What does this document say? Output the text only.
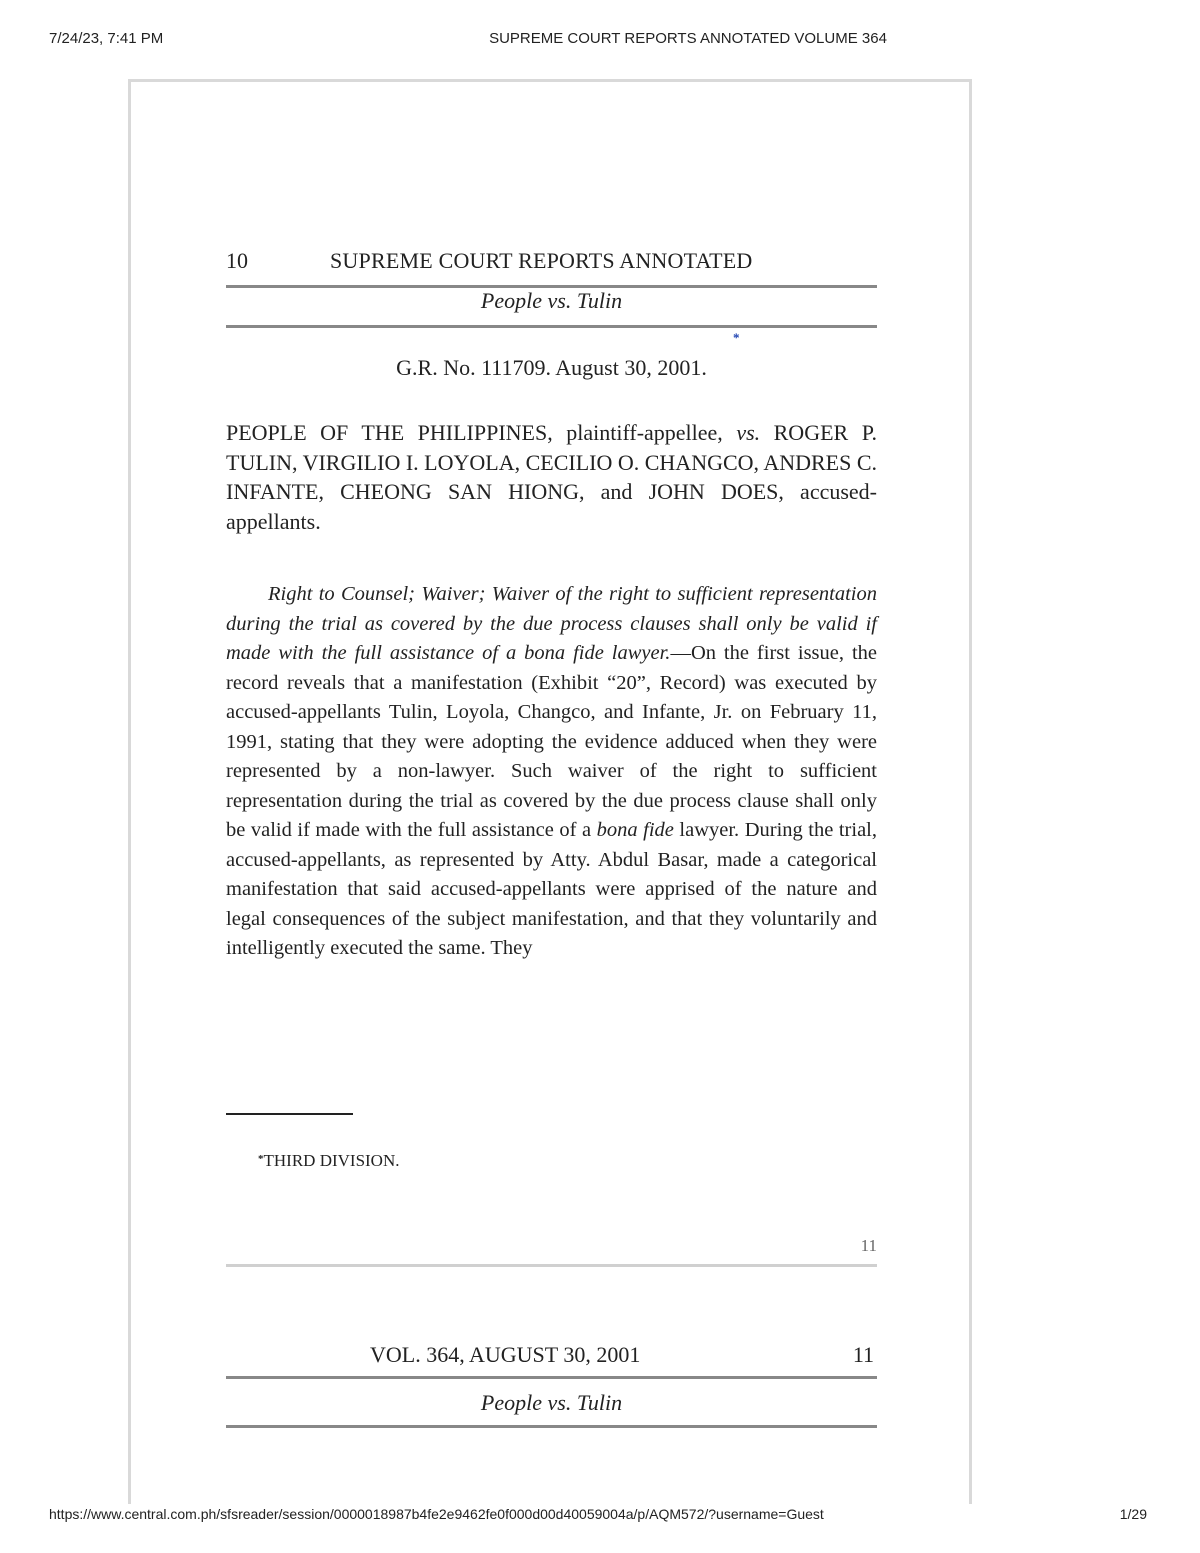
7/24/23, 7:41 PM	SUPREME COURT REPORTS ANNOTATED VOLUME 364
10	SUPREME COURT REPORTS ANNOTATED
People vs. Tulin
*
G.R. No. 111709. August 30, 2001.
PEOPLE OF THE PHILIPPINES, plaintiff-appellee, vs. ROGER P. TULIN, VIRGILIO I. LOYOLA, CECILIO O. CHANGCO, ANDRES C. INFANTE, CHEONG SAN HIONG, and JOHN DOES, accused-appellants.
Right to Counsel; Waiver; Waiver of the right to sufficient representation during the trial as covered by the due process clauses shall only be valid if made with the full assistance of a bona fide lawyer.—On the first issue, the record reveals that a manifestation (Exhibit “20”, Record) was executed by accused-appellants Tulin, Loyola, Changco, and Infante, Jr. on February 11, 1991, stating that they were adopting the evidence adduced when they were represented by a non-lawyer. Such waiver of the right to sufficient representation during the trial as covered by the due process clause shall only be valid if made with the full assistance of a bona fide lawyer. During the trial, accused-appellants, as represented by Atty. Abdul Basar, made a categorical manifestation that said accused-appellants were apprised of the nature and legal consequences of the subject manifestation, and that they voluntarily and intelligently executed the same. They
*THIRD DIVISION.
11
VOL. 364, AUGUST 30, 2001	11
People vs. Tulin
https://www.central.com.ph/sfsreader/session/0000018987b4fe2e9462fe0f000d00d40059004a/p/AQM572/?username=Guest	1/29
